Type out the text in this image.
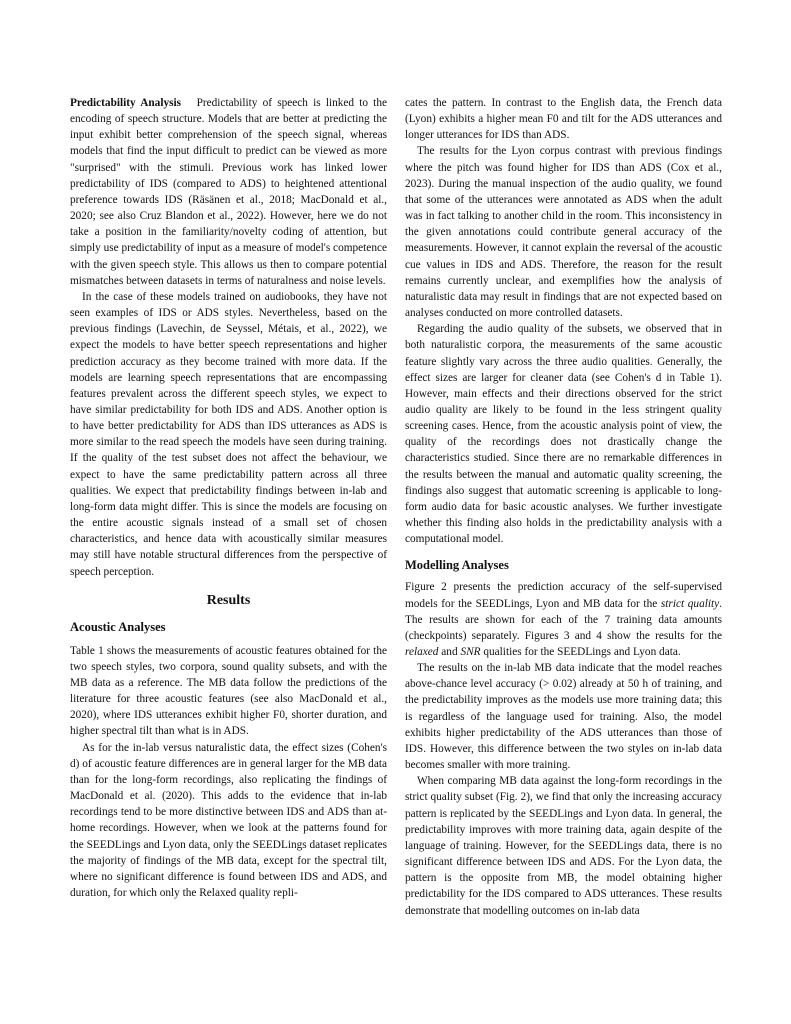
Predictability Analysis Predictability of speech is linked to the encoding of speech structure. Models that are better at predicting the input exhibit better comprehension of the speech signal, whereas models that find the input difficult to predict can be viewed as more "surprised" with the stimuli. Previous work has linked lower predictability of IDS (compared to ADS) to heightened attentional preference towards IDS (Räsänen et al., 2018; MacDonald et al., 2020; see also Cruz Blandon et al., 2022). However, here we do not take a position in the familiarity/novelty coding of attention, but simply use predictability of input as a measure of model's competence with the given speech style. This allows us then to compare potential mismatches between datasets in terms of naturalness and noise levels.

In the case of these models trained on audiobooks, they have not seen examples of IDS or ADS styles. Nevertheless, based on the previous findings (Lavechin, de Seyssel, Métais, et al., 2022), we expect the models to have better speech representations and higher prediction accuracy as they become trained with more data. If the models are learning speech representations that are encompassing features prevalent across the different speech styles, we expect to have similar predictability for both IDS and ADS. Another option is to have better predictability for ADS than IDS utterances as ADS is more similar to the read speech the models have seen during training. If the quality of the test subset does not affect the behaviour, we expect to have the same predictability pattern across all three qualities. We expect that predictability findings between in-lab and long-form data might differ. This is since the models are focusing on the entire acoustic signals instead of a small set of chosen characteristics, and hence data with acoustically similar measures may still have notable structural differences from the perspective of speech perception.

Results
Acoustic Analyses

Table 1 shows the measurements of acoustic features obtained for the two speech styles, two corpora, sound quality subsets, and with the MB data as a reference. The MB data follow the predictions of the literature for three acoustic features (see also MacDonald et al., 2020), where IDS utterances exhibit higher F0, shorter duration, and higher spectral tilt than what is in ADS.

As for the in-lab versus naturalistic data, the effect sizes (Cohen's d) of acoustic feature differences are in general larger for the MB data than for the long-form recordings, also replicating the findings of MacDonald et al. (2020). This adds to the evidence that in-lab recordings tend to be more distinctive between IDS and ADS than at-home recordings. However, when we look at the patterns found for the SEEDLings and Lyon data, only the SEEDLings dataset replicates the majority of findings of the MB data, except for the spectral tilt, where no significant difference is found between IDS and ADS, and duration, for which only the Relaxed quality repli-

cates the pattern. In contrast to the English data, the French data (Lyon) exhibits a higher mean F0 and tilt for the ADS utterances and longer utterances for IDS than ADS.

The results for the Lyon corpus contrast with previous findings where the pitch was found higher for IDS than ADS (Cox et al., 2023). During the manual inspection of the audio quality, we found that some of the utterances were annotated as ADS when the adult was in fact talking to another child in the room. This inconsistency in the given annotations could contribute general accuracy of the measurements. However, it cannot explain the reversal of the acoustic cue values in IDS and ADS. Therefore, the reason for the result remains currently unclear, and exemplifies how the analysis of naturalistic data may result in findings that are not expected based on analyses conducted on more controlled datasets.

Regarding the audio quality of the subsets, we observed that in both naturalistic corpora, the measurements of the same acoustic feature slightly vary across the three audio qualities. Generally, the effect sizes are larger for cleaner data (see Cohen's d in Table 1). However, main effects and their directions observed for the strict audio quality are likely to be found in the less stringent quality screening cases. Hence, from the acoustic analysis point of view, the quality of the recordings does not drastically change the characteristics studied. Since there are no remarkable differences in the results between the manual and automatic quality screening, the findings also suggest that automatic screening is applicable to long-form audio data for basic acoustic analyses. We further investigate whether this finding also holds in the predictability analysis with a computational model.

Modelling Analyses

Figure 2 presents the prediction accuracy of the self-supervised models for the SEEDLings, Lyon and MB data for the strict quality. The results are shown for each of the 7 training data amounts (checkpoints) separately. Figures 3 and 4 show the results for the relaxed and SNR qualities for the SEEDLings and Lyon data.

The results on the in-lab MB data indicate that the model reaches above-chance level accuracy (> 0.02) already at 50 h of training, and the predictability improves as the models use more training data; this is regardless of the language used for training. Also, the model exhibits higher predictability of the ADS utterances than those of IDS. However, this difference between the two styles on in-lab data becomes smaller with more training.

When comparing MB data against the long-form recordings in the strict quality subset (Fig. 2), we find that only the increasing accuracy pattern is replicated by the SEEDLings and Lyon data. In general, the predictability improves with more training data, again despite of the language of training. However, for the SEEDLings data, there is no significant difference between IDS and ADS. For the Lyon data, the pattern is the opposite from MB, the model obtaining higher predictability for the IDS compared to ADS utterances. These results demonstrate that modelling outcomes on in-lab data
